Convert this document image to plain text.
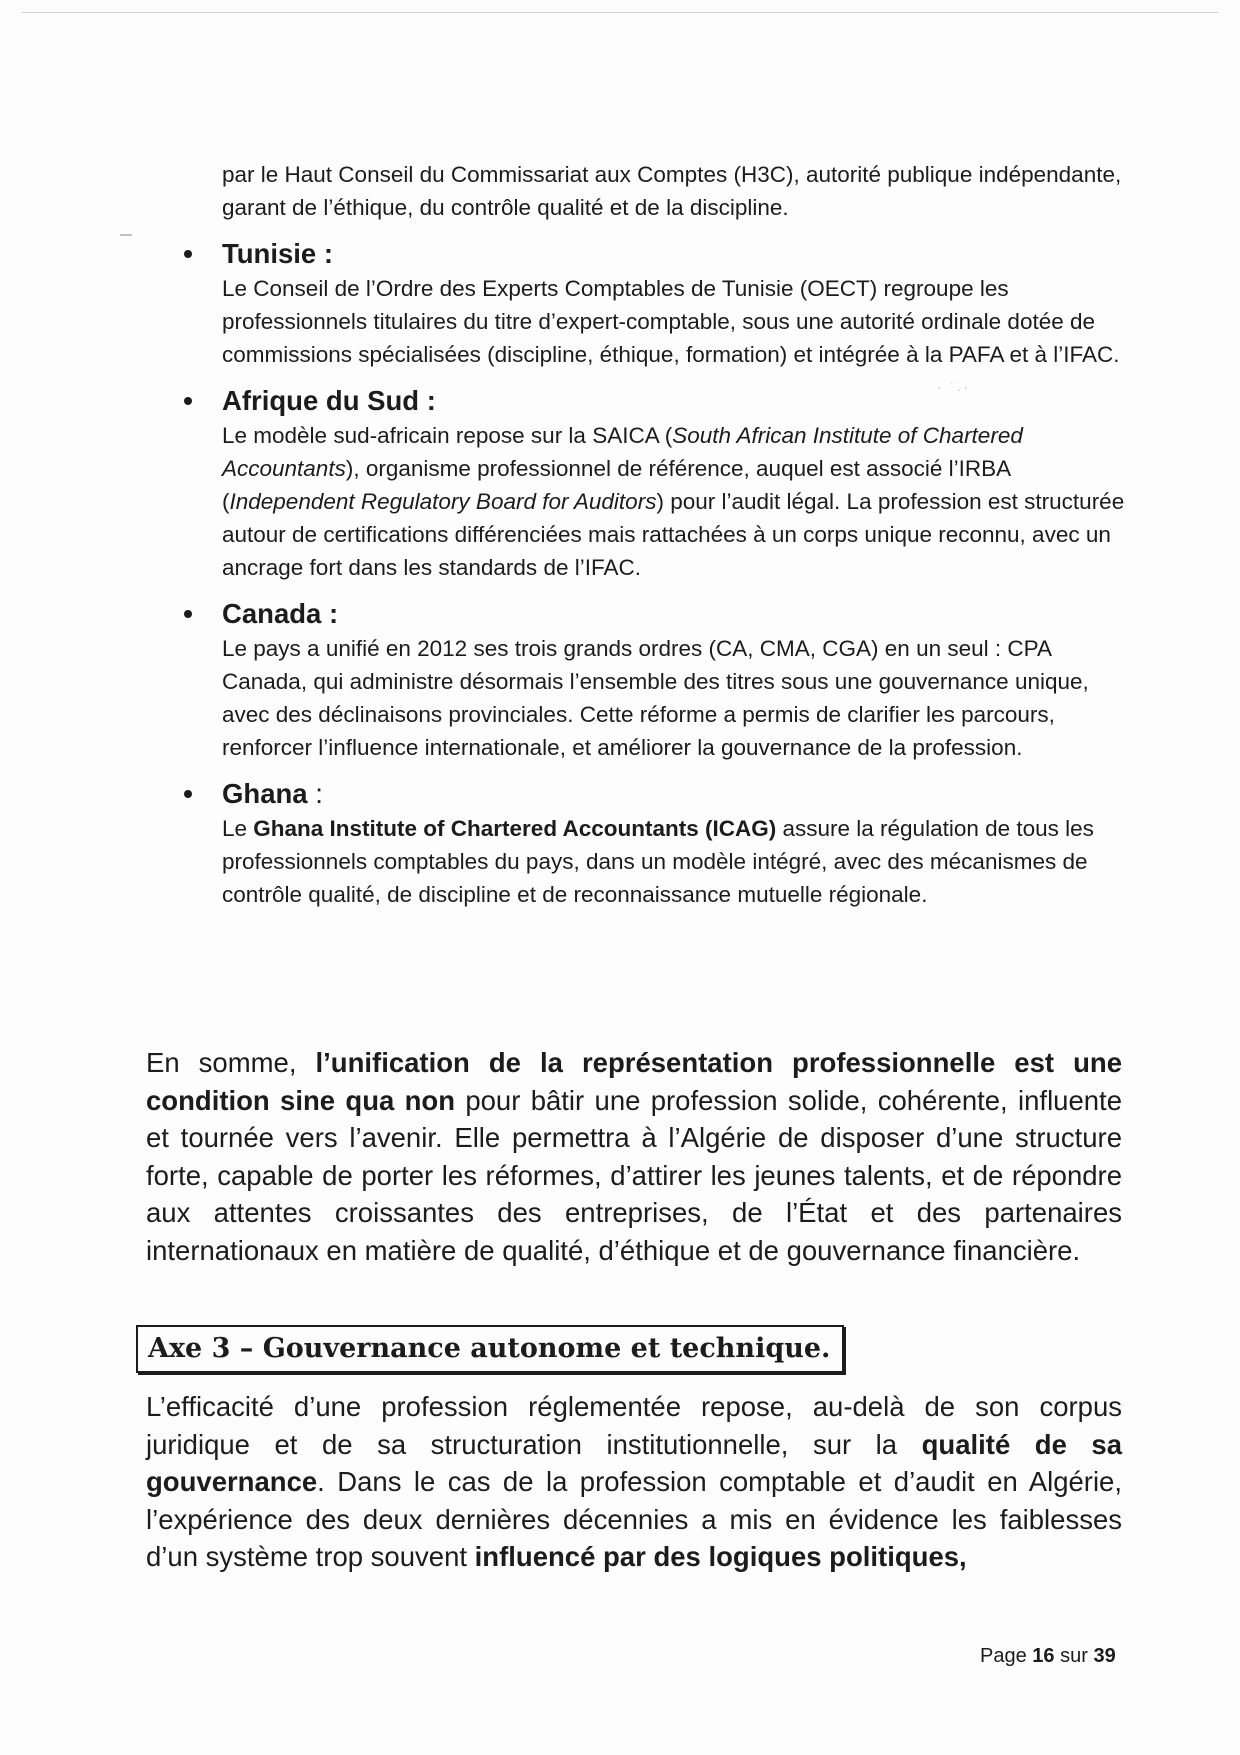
· ˙.·

par le Haut Conseil du Commissariat aux Comptes (H3C), autorité publique indépendante, garant de l’éthique, du contrôle qualité et de la discipline.

Tunisie :

Le Conseil de l’Ordre des Experts Comptables de Tunisie (OECT) regroupe les professionnels titulaires du titre d’expert-comptable, sous une autorité ordinale dotée de commissions spécialisées (discipline, éthique, formation) et intégrée à la PAFA et à l’IFAC.

Afrique du Sud :

Le modèle sud-africain repose sur la SAICA (South African Institute of Chartered Accountants), organisme professionnel de référence, auquel est associé l’IRBA (Independent Regulatory Board for Auditors) pour l’audit légal. La profession est structurée autour de certifications différenciées mais rattachées à un corps unique reconnu, avec un ancrage fort dans les standards de l’IFAC.

Canada :

Le pays a unifié en 2012 ses trois grands ordres (CA, CMA, CGA) en un seul : CPA Canada, qui administre désormais l’ensemble des titres sous une gouvernance unique, avec des déclinaisons provinciales. Cette réforme a permis de clarifier les parcours, renforcer l’influence internationale, et améliorer la gouvernance de la profession.

Ghana :

Le Ghana Institute of Chartered Accountants (ICAG) assure la régulation de tous les professionnels comptables du pays, dans un modèle intégré, avec des mécanismes de contrôle qualité, de discipline et de reconnaissance mutuelle régionale.

En somme, l’unification de la représentation professionnelle est une condition sine qua non pour bâtir une profession solide, cohérente, influente et tournée vers l’avenir. Elle permettra à l’Algérie de disposer d’une structure forte, capable de porter les réformes, d’attirer les jeunes talents, et de répondre aux attentes croissantes des entreprises, de l’État et des partenaires internationaux en matière de qualité, d’éthique et de gouvernance financière.

Axe 3 – Gouvernance autonome et technique.

L’efficacité d’une profession réglementée repose, au-delà de son corpus juridique et de sa structuration institutionnelle, sur la qualité de sa gouvernance. Dans le cas de la profession comptable et d’audit en Algérie, l’expérience des deux dernières décennies a mis en évidence les faiblesses d’un système trop souvent influencé par des logiques politiques,

Page 16 sur 39
